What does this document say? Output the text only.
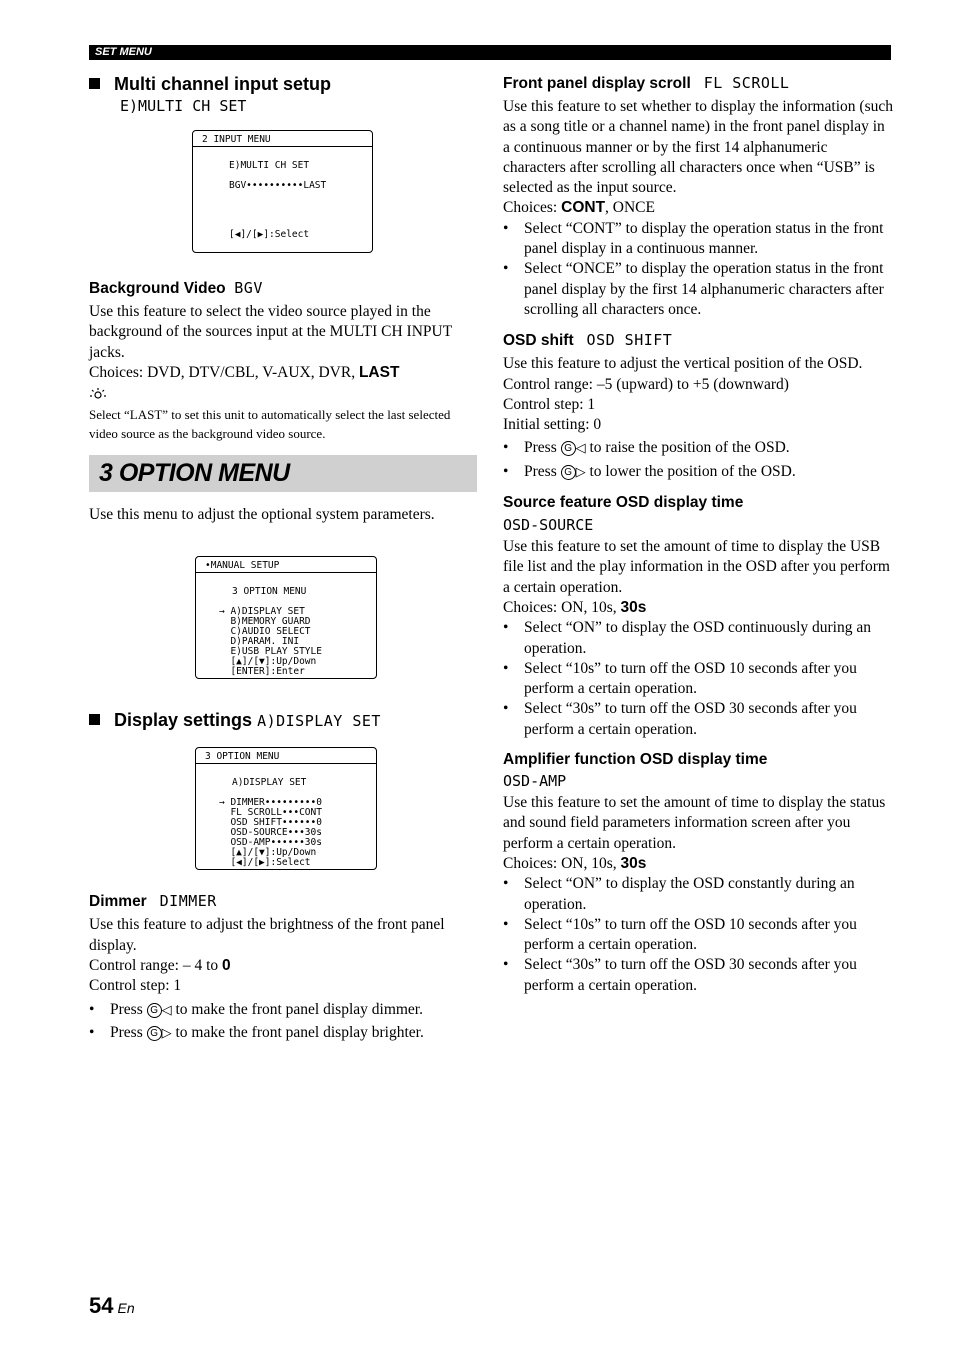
SET MENU

Multi channel input setup

E)MULTI CH SET

2 INPUT MENU
E)MULTI CH SET
BGV••••••••••LAST
[◀]/[▶]:Select

Background Video BGV

Use this feature to select the video source played in the background of the sources input at the MULTI CH INPUT jacks.

Choices: DVD, DTV/CBL, V-AUX, DVR, LAST

Select “LAST” to set this unit to automatically select the last selected video source as the background video source.

3 OPTION MENU

Use this menu to adjust the optional system parameters.

•MANUAL SETUP
3 OPTION MENU
→ A)DISPLAY SET
B)MEMORY GUARD
C)AUDIO SELECT
D)PARAM. INI
E)USB PLAY STYLE
[▲]/[▼]:Up/Down
[ENTER]:Enter

Display settings A)DISPLAY SET

3 OPTION MENU
A)DISPLAY SET
→ DIMMER•••••••••0
FL SCROLL•••CONT
OSD SHIFT••••••0
OSD-SOURCE•••30s
OSD-AMP••••••30s
[▲]/[▼]:Up/Down
[◀]/[▶]:Select

Dimmer DIMMER

Use this feature to adjust the brightness of the front panel display.

Control range: – 4 to 0

Control step: 1

• Press G ◁ to make the front panel display dimmer.
• Press G ▷ to make the front panel display brighter.

Front panel display scroll FL SCROLL

Use this feature to set whether to display the information (such as a song title or a channel name) in the front panel display in a continuous manner or by the first 14 alphanumeric characters after scrolling all characters once when “USB” is selected as the input source.

Choices: CONT, ONCE

• Select “CONT” to display the operation status in the front panel display in a continuous manner.
• Select “ONCE” to display the operation status in the front panel display by the first 14 alphanumeric characters after scrolling all characters once.

OSD shift OSD SHIFT

Use this feature to adjust the vertical position of the OSD.

Control range: –5 (upward) to +5 (downward)

Control step: 1

Initial setting: 0

• Press G ◁ to raise the position of the OSD.
• Press G ▷ to lower the position of the OSD.

Source feature OSD display time

OSD-SOURCE

Use this feature to set the amount of time to display the USB file list and the play information in the OSD after you perform a certain operation.

Choices: ON, 10s, 30s

• Select “ON” to display the OSD continuously during an operation.
• Select “10s” to turn off the OSD 10 seconds after you perform a certain operation.
• Select “30s” to turn off the OSD 30 seconds after you perform a certain operation.

Amplifier function OSD display time

OSD-AMP

Use this feature to set the amount of time to display the status and sound field parameters information screen after you perform a certain operation.

Choices: ON, 10s, 30s

• Select “ON” to display the OSD constantly during an operation.
• Select “10s” to turn off the OSD 10 seconds after you perform a certain operation.
• Select “30s” to turn off the OSD 30 seconds after you perform a certain operation.
54 En
